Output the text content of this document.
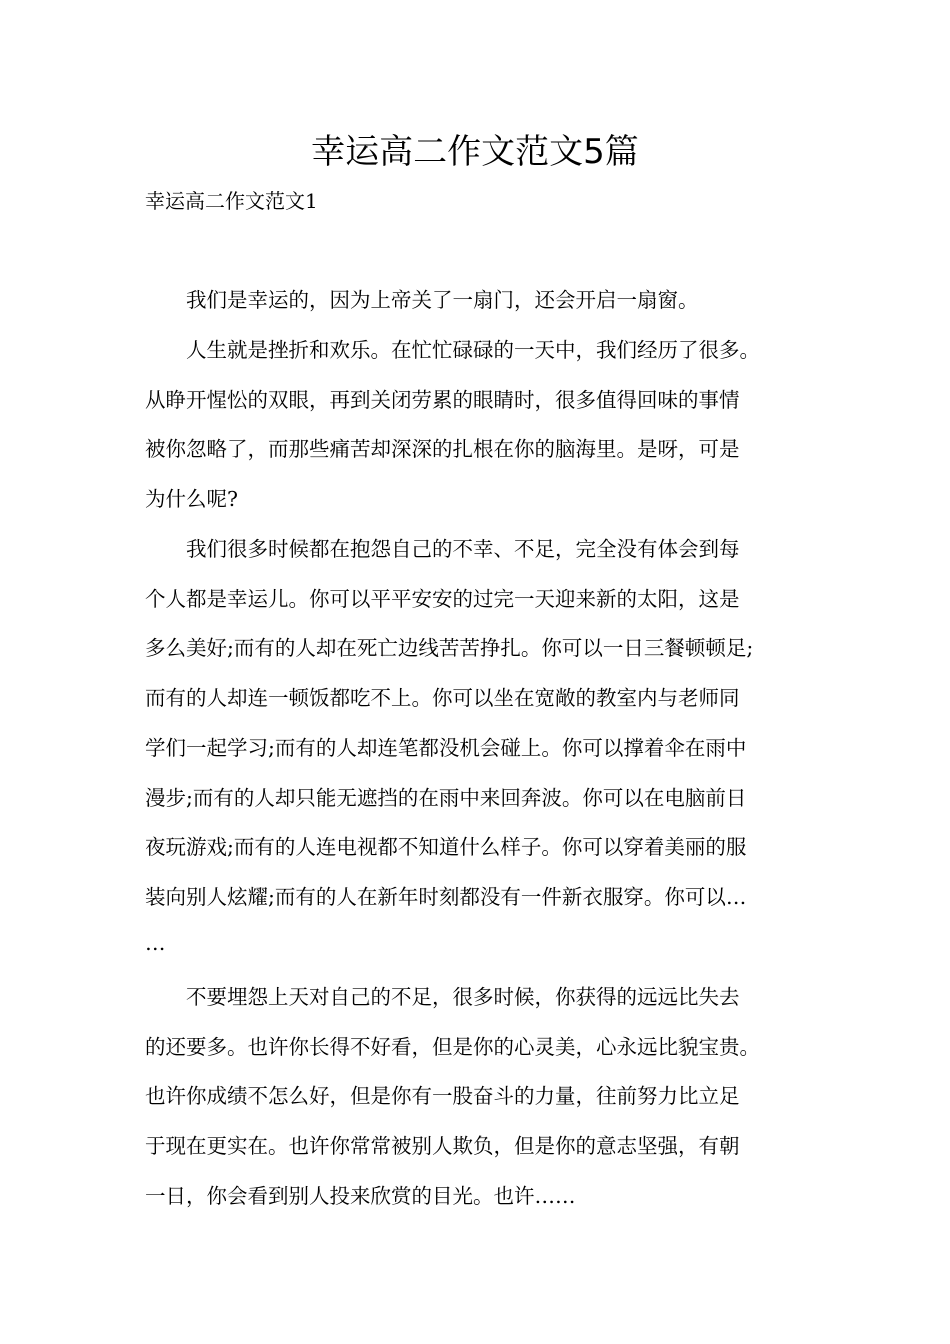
幸运高二作文范文5篇

幸运高二作文范文1

　　我们是幸运的，因为上帝关了一扇门，还会开启一扇窗。

　　人生就是挫折和欢乐。在忙忙碌碌的一天中，我们经历了很多。

从睁开惺忪的双眼，再到关闭劳累的眼睛时，很多值得回味的事情

被你忽略了，而那些痛苦却深深的扎根在你的脑海里。是呀，可是

为什么呢?

　　我们很多时候都在抱怨自己的不幸、不足，完全没有体会到每

个人都是幸运儿。你可以平平安安的过完一天迎来新的太阳，这是

多么美好;而有的人却在死亡边线苦苦挣扎。你可以一日三餐顿顿足;

而有的人却连一顿饭都吃不上。你可以坐在宽敞的教室内与老师同

学们一起学习;而有的人却连笔都没机会碰上。你可以撑着伞在雨中

漫步;而有的人却只能无遮挡的在雨中来回奔波。你可以在电脑前日

夜玩游戏;而有的人连电视都不知道什么样子。你可以穿着美丽的服

装向别人炫耀;而有的人在新年时刻都没有一件新衣服穿。你可以…

…

　　不要埋怨上天对自己的不足，很多时候，你获得的远远比失去

的还要多。也许你长得不好看，但是你的心灵美，心永远比貌宝贵。

也许你成绩不怎么好，但是你有一股奋斗的力量，往前努力比立足

于现在更实在。也许你常常被别人欺负，但是你的意志坚强，有朝

一日，你会看到别人投来欣赏的目光。也许……
